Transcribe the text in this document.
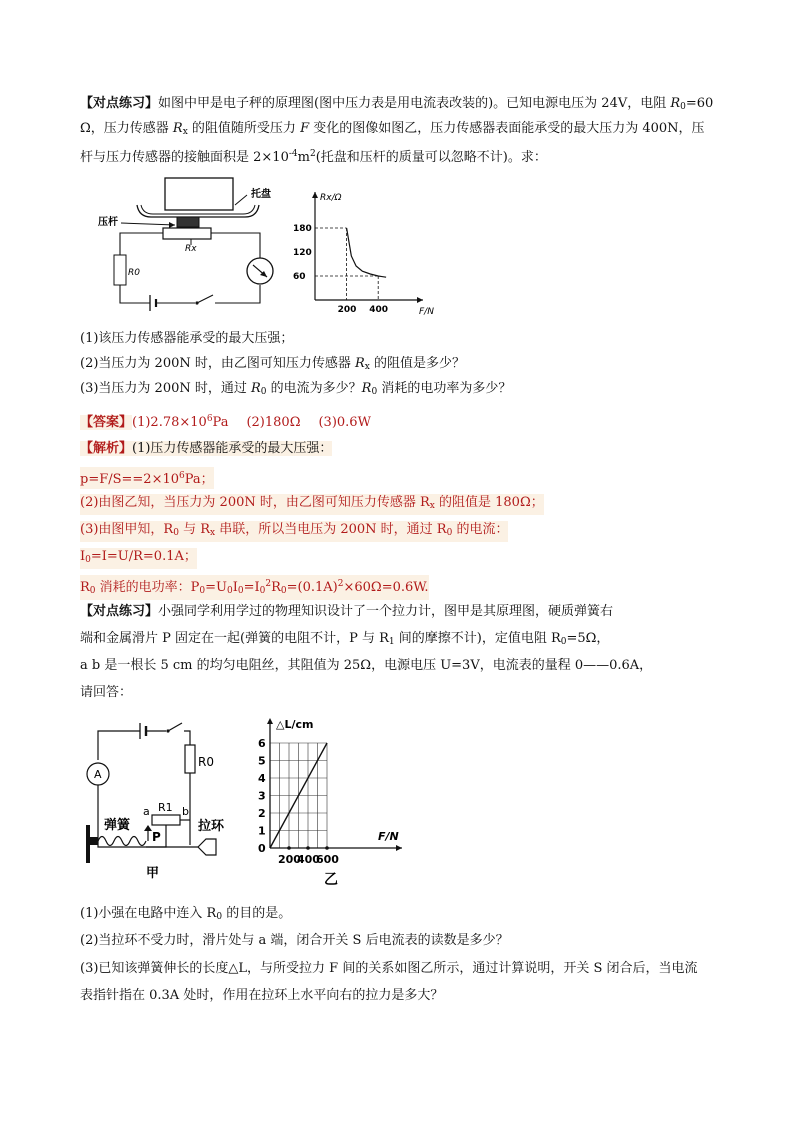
【对点练习】如图中甲是电子秤的原理图(图中压力表是用电流表改装的)。已知电源电压为 24V，电阻 $R_0=60$
Ω，压力传感器 $R_x$ 的阻值随所受压力 F 变化的图像如图乙，压力传感器表面能承受的最大压力为 400N，压
杆与压力传感器的接触面积是 $2\times 10^{-4}m^2$(托盘和压杆的质量可以忽略不计)。求：
托盘
压杆
Rx
R0
Rx/Ω
F/N
60
120
180
200 400
(1)该压力传感器能承受的最大压强；
(2)当压力为 200N 时，由乙图可知压力传感器 $R_x$ 的阻值是多少？
(3)当压力为 200N 时，通过 $R_0$ 的电流为多少？$R_0$ 消耗的电功率为多少？
【答案】$(1)2.78\times 10^6Pa$ (2)180Ω (3)0.6W
【解析】(1)压力传感器能承受的最大压强：
$p=F/S==2\times 10^6Pa$；
(2)由图乙知，当压力为 200N 时，由乙图可知压力传感器 $R_x$ 的阻值是 180Ω；
(3)由图甲知，$R_0$ 与 $R_x$ 串联，所以当电压为 200N 时，通过 $R_0$ 的电流：
$I_0=I=U/R=0.1A$；
$R_0$ 消耗的电功率：$P_0=U_0I_0=I_0^2R_0=(0.1A)^2\times 60\Omega=0.6W$.
【对点练习】小强同学利用学过的物理知识设计了一个拉力计，图甲是其原理图，硬质弹簧右
端和金属滑片 P 固定在一起(弹簧的电阻不计，P 与 $R_1$ 间的摩擦不计)，定值电阻 $R_0=5\Omega$，
a b 是一根长 5 cm 的均匀电阻丝，其阻值为 25Ω，电源电压 U=3V，电流表的量程 0——0.6A，
请回答：
R0
A
弹簧
R1
a	b
P
拉环
甲
△L/cm
F/N
0
1
2
3
4
5
6
200
400
600
乙
(1)小强在电路中连入 $R_0$ 的目的是。
(2)当拉环不受力时，滑片处与 a 端，闭合开关 S 后电流表的读数是多少？
(3)已知该弹簧伸长的长度△L，与所受拉力 F 间的关系如图乙所示，通过计算说明，开关 S 闭合后，当电流
表指针指在 0.3A 处时，作用在拉环上水平向右的拉力是多大？
